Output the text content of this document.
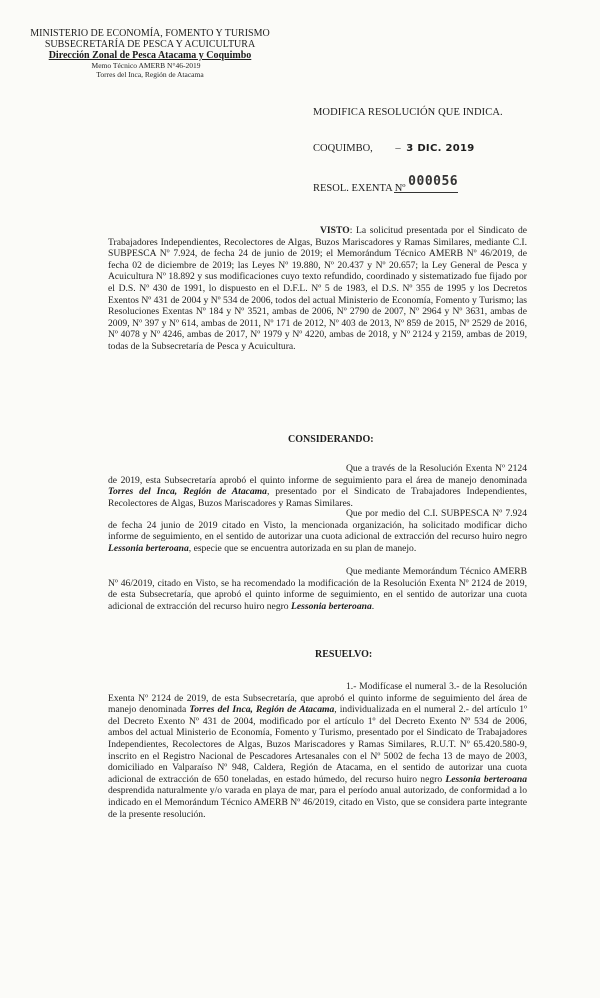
MINISTERIO DE ECONOMÍA, FOMENTO Y TURISMO
SUBSECRETARÍA DE PESCA Y ACUICULTURA
Dirección Zonal de Pesca Atacama y Coquimbo
Memo Técnico AMERB N°46-2019
Torres del Inca, Región de Atacama
MODIFICA RESOLUCIÓN QUE INDICA.
COQUIMBO, – 3 DIC. 2019
RESOL. EXENTA Nº 000056
VISTO: La solicitud presentada por el Sindicato de Trabajadores Independientes, Recolectores de Algas, Buzos Mariscadores y Ramas Similares, mediante C.I. SUBPESCA Nº 7.924, de fecha 24 de junio de 2019; el Memorándum Técnico AMERB Nº 46/2019, de fecha 02 de diciembre de 2019; las Leyes Nº 19.880, Nº 20.437 y Nº 20.657; la Ley General de Pesca y Acuicultura Nº 18.892 y sus modificaciones cuyo texto refundido, coordinado y sistematizado fue fijado por el D.S. Nº 430 de 1991, lo dispuesto en el D.F.L. Nº 5 de 1983, el D.S. Nº 355 de 1995 y los Decretos Exentos Nº 431 de 2004 y Nº 534 de 2006, todos del actual Ministerio de Economía, Fomento y Turismo; las Resoluciones Exentas Nº 184 y Nº 3521, ambas de 2006, Nº 2790 de 2007, Nº 2964 y Nº 3631, ambas de 2009, Nº 397 y Nº 614, ambas de 2011, Nº 171 de 2012, Nº 403 de 2013, Nº 859 de 2015, Nº 2529 de 2016, Nº 4078 y Nº 4246, ambas de 2017, Nº 1979 y Nº 4220, ambas de 2018, y Nº 2124 y 2159, ambas de 2019, todas de la Subsecretaría de Pesca y Acuicultura.
CONSIDERANDO:
Que a través de la Resolución Exenta Nº 2124 de 2019, esta Subsecretaría aprobó el quinto informe de seguimiento para el área de manejo denominada Torres del Inca, Región de Atacama, presentado por el Sindicato de Trabajadores Independientes, Recolectores de Algas, Buzos Mariscadores y Ramas Similares.
Que por medio del C.I. SUBPESCA Nº 7.924 de fecha 24 junio de 2019 citado en Visto, la mencionada organización, ha solicitado modificar dicho informe de seguimiento, en el sentido de autorizar una cuota adicional de extracción del recurso huiro negro Lessonia berteroana, especie que se encuentra autorizada en su plan de manejo.
Que mediante Memorándum Técnico AMERB Nº 46/2019, citado en Visto, se ha recomendado la modificación de la Resolución Exenta Nº 2124 de 2019, de esta Subsecretaría, que aprobó el quinto informe de seguimiento, en el sentido de autorizar una cuota adicional de extracción del recurso huiro negro Lessonia berteroana.
RESUELVO:
1.- Modifícase el numeral 3.- de la Resolución Exenta Nº 2124 de 2019, de esta Subsecretaría, que aprobó el quinto informe de seguimiento del área de manejo denominada Torres del Inca, Región de Atacama, individualizada en el numeral 2.- del artículo 1º del Decreto Exento Nº 431 de 2004, modificado por el artículo 1º del Decreto Exento Nº 534 de 2006, ambos del actual Ministerio de Economía, Fomento y Turismo, presentado por el Sindicato de Trabajadores Independientes, Recolectores de Algas, Buzos Mariscadores y Ramas Similares, R.U.T. Nº 65.420.580-9, inscrito en el Registro Nacional de Pescadores Artesanales con el Nº 5002 de fecha 13 de mayo de 2003, domiciliado en Valparaíso Nº 948, Caldera, Región de Atacama, en el sentido de autorizar una cuota adicional de extracción de 650 toneladas, en estado húmedo, del recurso huiro negro Lessonia berteroana desprendida naturalmente y/o varada en playa de mar, para el período anual autorizado, de conformidad a lo indicado en el Memorándum Técnico AMERB Nº 46/2019, citado en Visto, que se considera parte integrante de la presente resolución.
